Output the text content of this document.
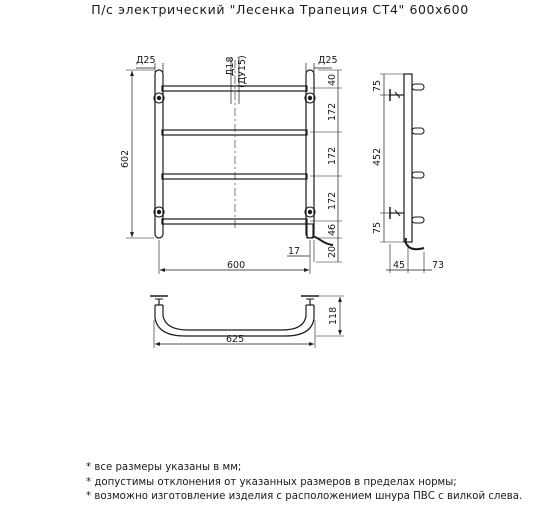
П/с электрический "Лесенка Трапеция СТ4" 600х600
Д25	Д25
Д18 (ДУ15)
602
600
17
40
172
172
172
46
20
75
452
75
45	73
118
625
* все размеры указаны в мм;
* допустимы отклонения от указанных размеров в пределах нормы;
* возможно изготовление изделия с расположением шнура ПВС с вилкой слева.
